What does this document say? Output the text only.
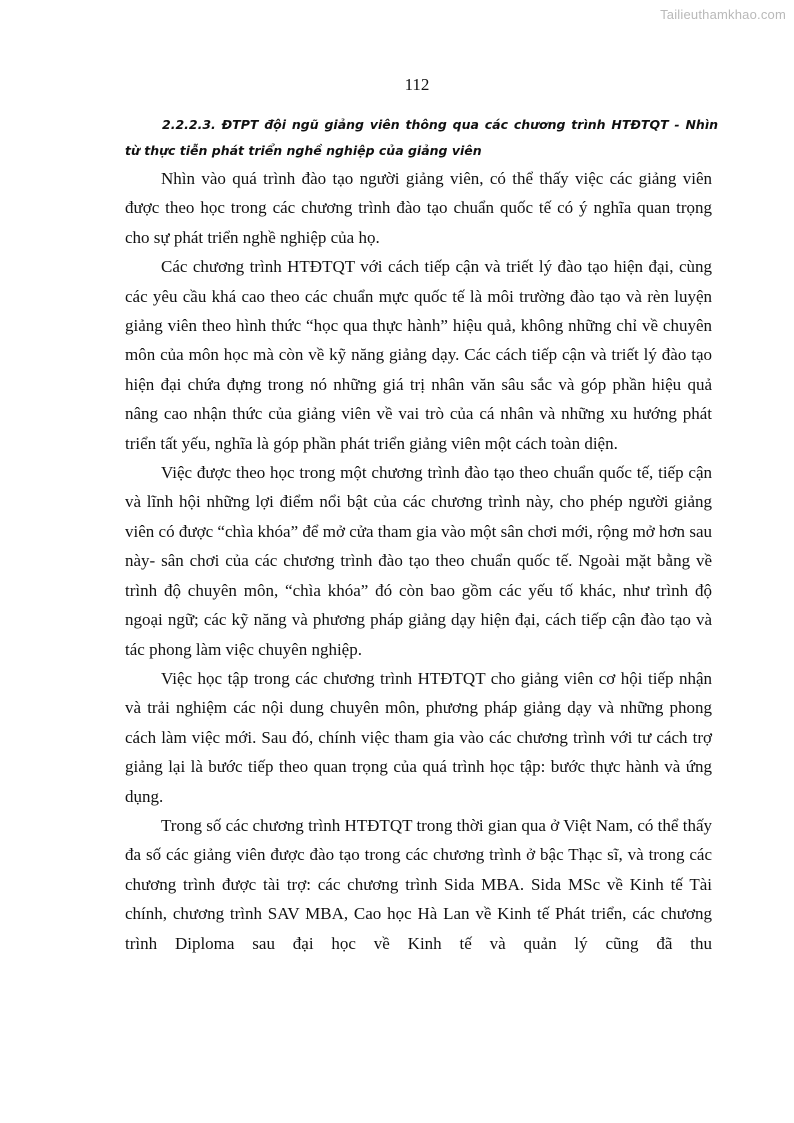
Tailieuthamkhao.com
112
2.2.2.3. ĐTPT đội ngũ giảng viên thông qua các chương trình HTĐTQT - Nhìn
từ thực tiễn phát triển nghề nghiệp của giảng viên

Nhìn vào quá trình đào tạo người giảng viên, có thể thấy việc các giảng viên được theo học trong các chương trình đào tạo chuẩn quốc tế có ý nghĩa quan trọng cho sự phát triển nghề nghiệp của họ.

Các chương trình HTĐTQT với cách tiếp cận và triết lý đào tạo hiện đại, cùng các yêu cầu khá cao theo các chuẩn mực quốc tế là môi trường đào tạo và rèn luyện giảng viên theo hình thức “học qua thực hành” hiệu quả, không những chỉ về chuyên môn của môn học mà còn về kỹ năng giảng dạy. Các cách tiếp cận và triết lý đào tạo hiện đại chứa đựng trong nó những giá trị nhân văn sâu sắc và góp phần hiệu quả nâng cao nhận thức của giảng viên về vai trò của cá nhân và những xu hướng phát triển tất yếu, nghĩa là góp phần phát triển giảng viên một cách toàn diện.

Việc được theo học trong một chương trình đào tạo theo chuẩn quốc tế, tiếp cận và lĩnh hội những lợi điểm nổi bật của các chương trình này, cho phép người giảng viên có được “chìa khóa” để mở cửa tham gia vào một sân chơi mới, rộng mở hơn sau này- sân chơi của các chương trình đào tạo theo chuẩn quốc tế. Ngoài mặt bằng về trình độ chuyên môn, “chìa khóa” đó còn bao gồm các yếu tố khác, như trình độ ngoại ngữ; các kỹ năng và phương pháp giảng dạy hiện đại, cách tiếp cận đào tạo và tác phong làm việc chuyên nghiệp.

Việc học tập trong các chương trình HTĐTQT cho giảng viên cơ hội tiếp nhận và trải nghiệm các nội dung chuyên môn, phương pháp giảng dạy và những phong cách làm việc mới. Sau đó, chính việc tham gia vào các chương trình với tư cách trợ giảng lại là bước tiếp theo quan trọng của quá trình học tập: bước thực hành và ứng dụng.

Trong số các chương trình HTĐTQT trong thời gian qua ở Việt Nam, có thể thấy đa số các giảng viên được đào tạo trong các chương trình ở bậc Thạc sĩ, và trong các chương trình được tài trợ: các chương trình Sida MBA. Sida MSc về Kinh tế Tài chính, chương trình SAV MBA, Cao học Hà Lan về Kinh tế Phát triển, các chương trình Diploma sau đại học về Kinh tế và quản lý cũng đã thu
